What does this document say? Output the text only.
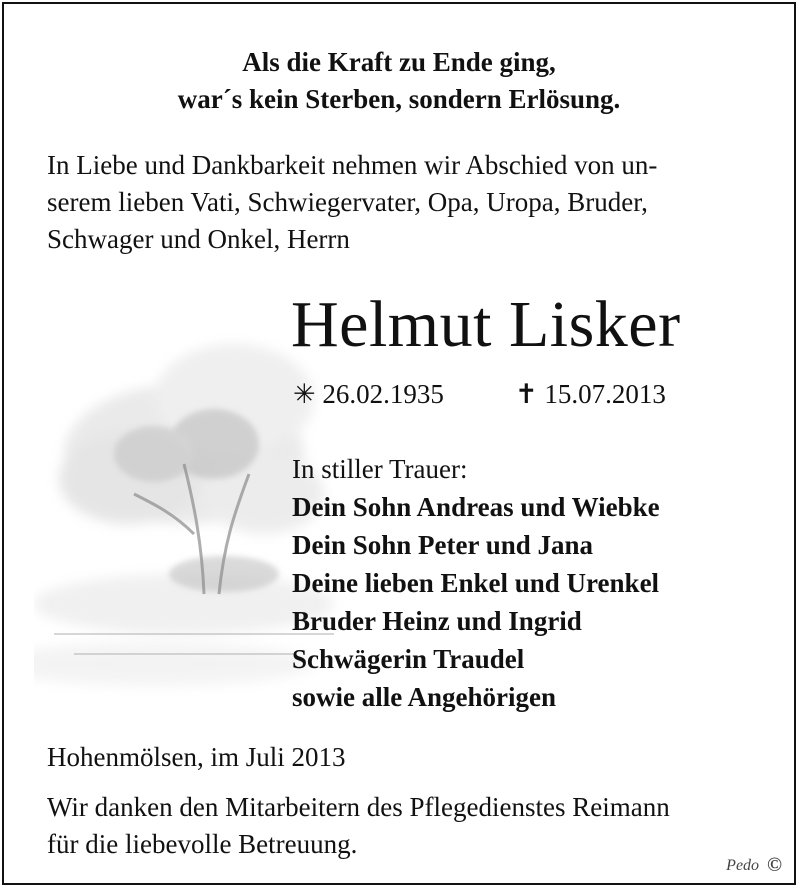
Als die Kraft zu Ende ging,
war´s kein Sterben, sondern Erlösung.
In Liebe und Dankbarkeit nehmen wir Abschied von un-
serem lieben Vati, Schwiegervater, Opa, Uropa, Bruder,
Schwager und Onkel, Herrn
Helmut Lisker
✳ 26.02.1935	✝ 15.07.2013
In stiller Trauer:
Dein Sohn Andreas und Wiebke
Dein Sohn Peter und Jana
Deine lieben Enkel und Urenkel
Bruder Heinz und Ingrid
Schwägerin Traudel
sowie alle Angehörigen
Hohenmölsen, im Juli 2013
Wir danken den Mitarbeitern des Pflegedienstes Reimann
für die liebevolle Betreuung.
Pedo ©
